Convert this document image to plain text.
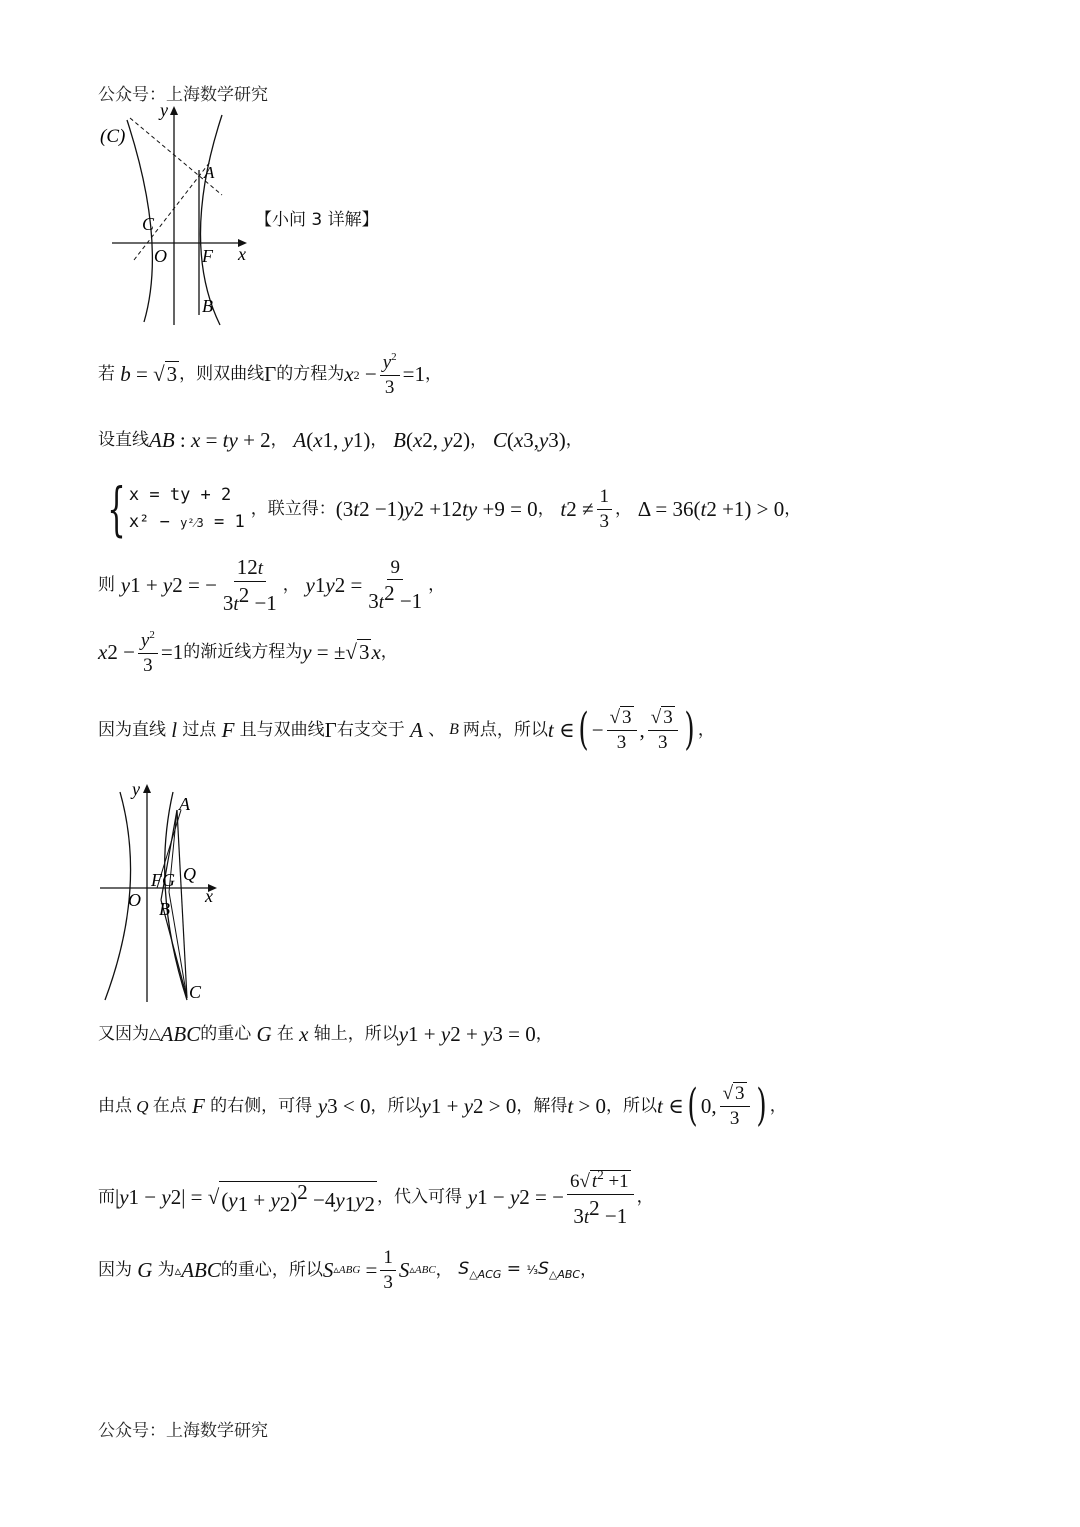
公众号：上海数学研究
(C)
y
A
C
O F x
B
【小问 3 详解】
若 b = √3 ，则双曲线 Γ 的方程为 x $2 - \frac{y^2}{3} =1$ ，
设直线 AB : x = ty + 2 ，
A ( x 1 , y 1 ) ，
B ( x 2 , y 2 ) ，
C ( x 3 , y 3 ) ，
{ x = ty + 2
x² − y²⁄3 = 1
，联立得： (3 t 2 −1) y 2 +12 ty +9 = 0 ，
t $2 \ne \frac{1}{3}$ ，
Δ = 36( t 2 +1) > 0 ，
则
y 1 + y 2 = − $\frac{12t}{3t^2 -1}$ ，
y 1 y $2 = \frac{9}{3t^2 -1}$ ，
x $2 - \frac{y^2}{3} =1$ 的渐近线方程为 y = ±√3 x ，
因为直线 l 过点 F 且与双曲线 Γ 右支交于 A 、 B 两点，所以 t ∈ ( − $\frac{√ 3}{3}$ , $\frac{√ 3}{3}$ ) ，
y
A
FG Q
x
O B
C
又因为 △ ABC 的重心 G 在 x 轴上，所以 y 1 + y 2 + y 3 = 0 ，
由点 Q 在点 F 的右侧，可得
y 3 < 0 ，所以 y 1 + y 2 > 0 ，解得 t > 0 ，所以 t ∈ ( 0, $\frac{√ 3}{3}$ ) ，
而 | y 1 − y 2 | = √ $(y_1 + y_2)^2 -4y_1y_2$ ，代入可得
y 1 − y 2 = − $\frac{6√ t^2 +1}{3t^2 -1}$ ，
因为 G 为 ▵ ABC 的重心，所以 S ▵ABG = $\frac{1}{3}$ S ▵ABC ，
$S_{\triangle ACG}$ = $^1⁄_3S_{\triangle ABC}$ ，
公众号：上海数学研究
